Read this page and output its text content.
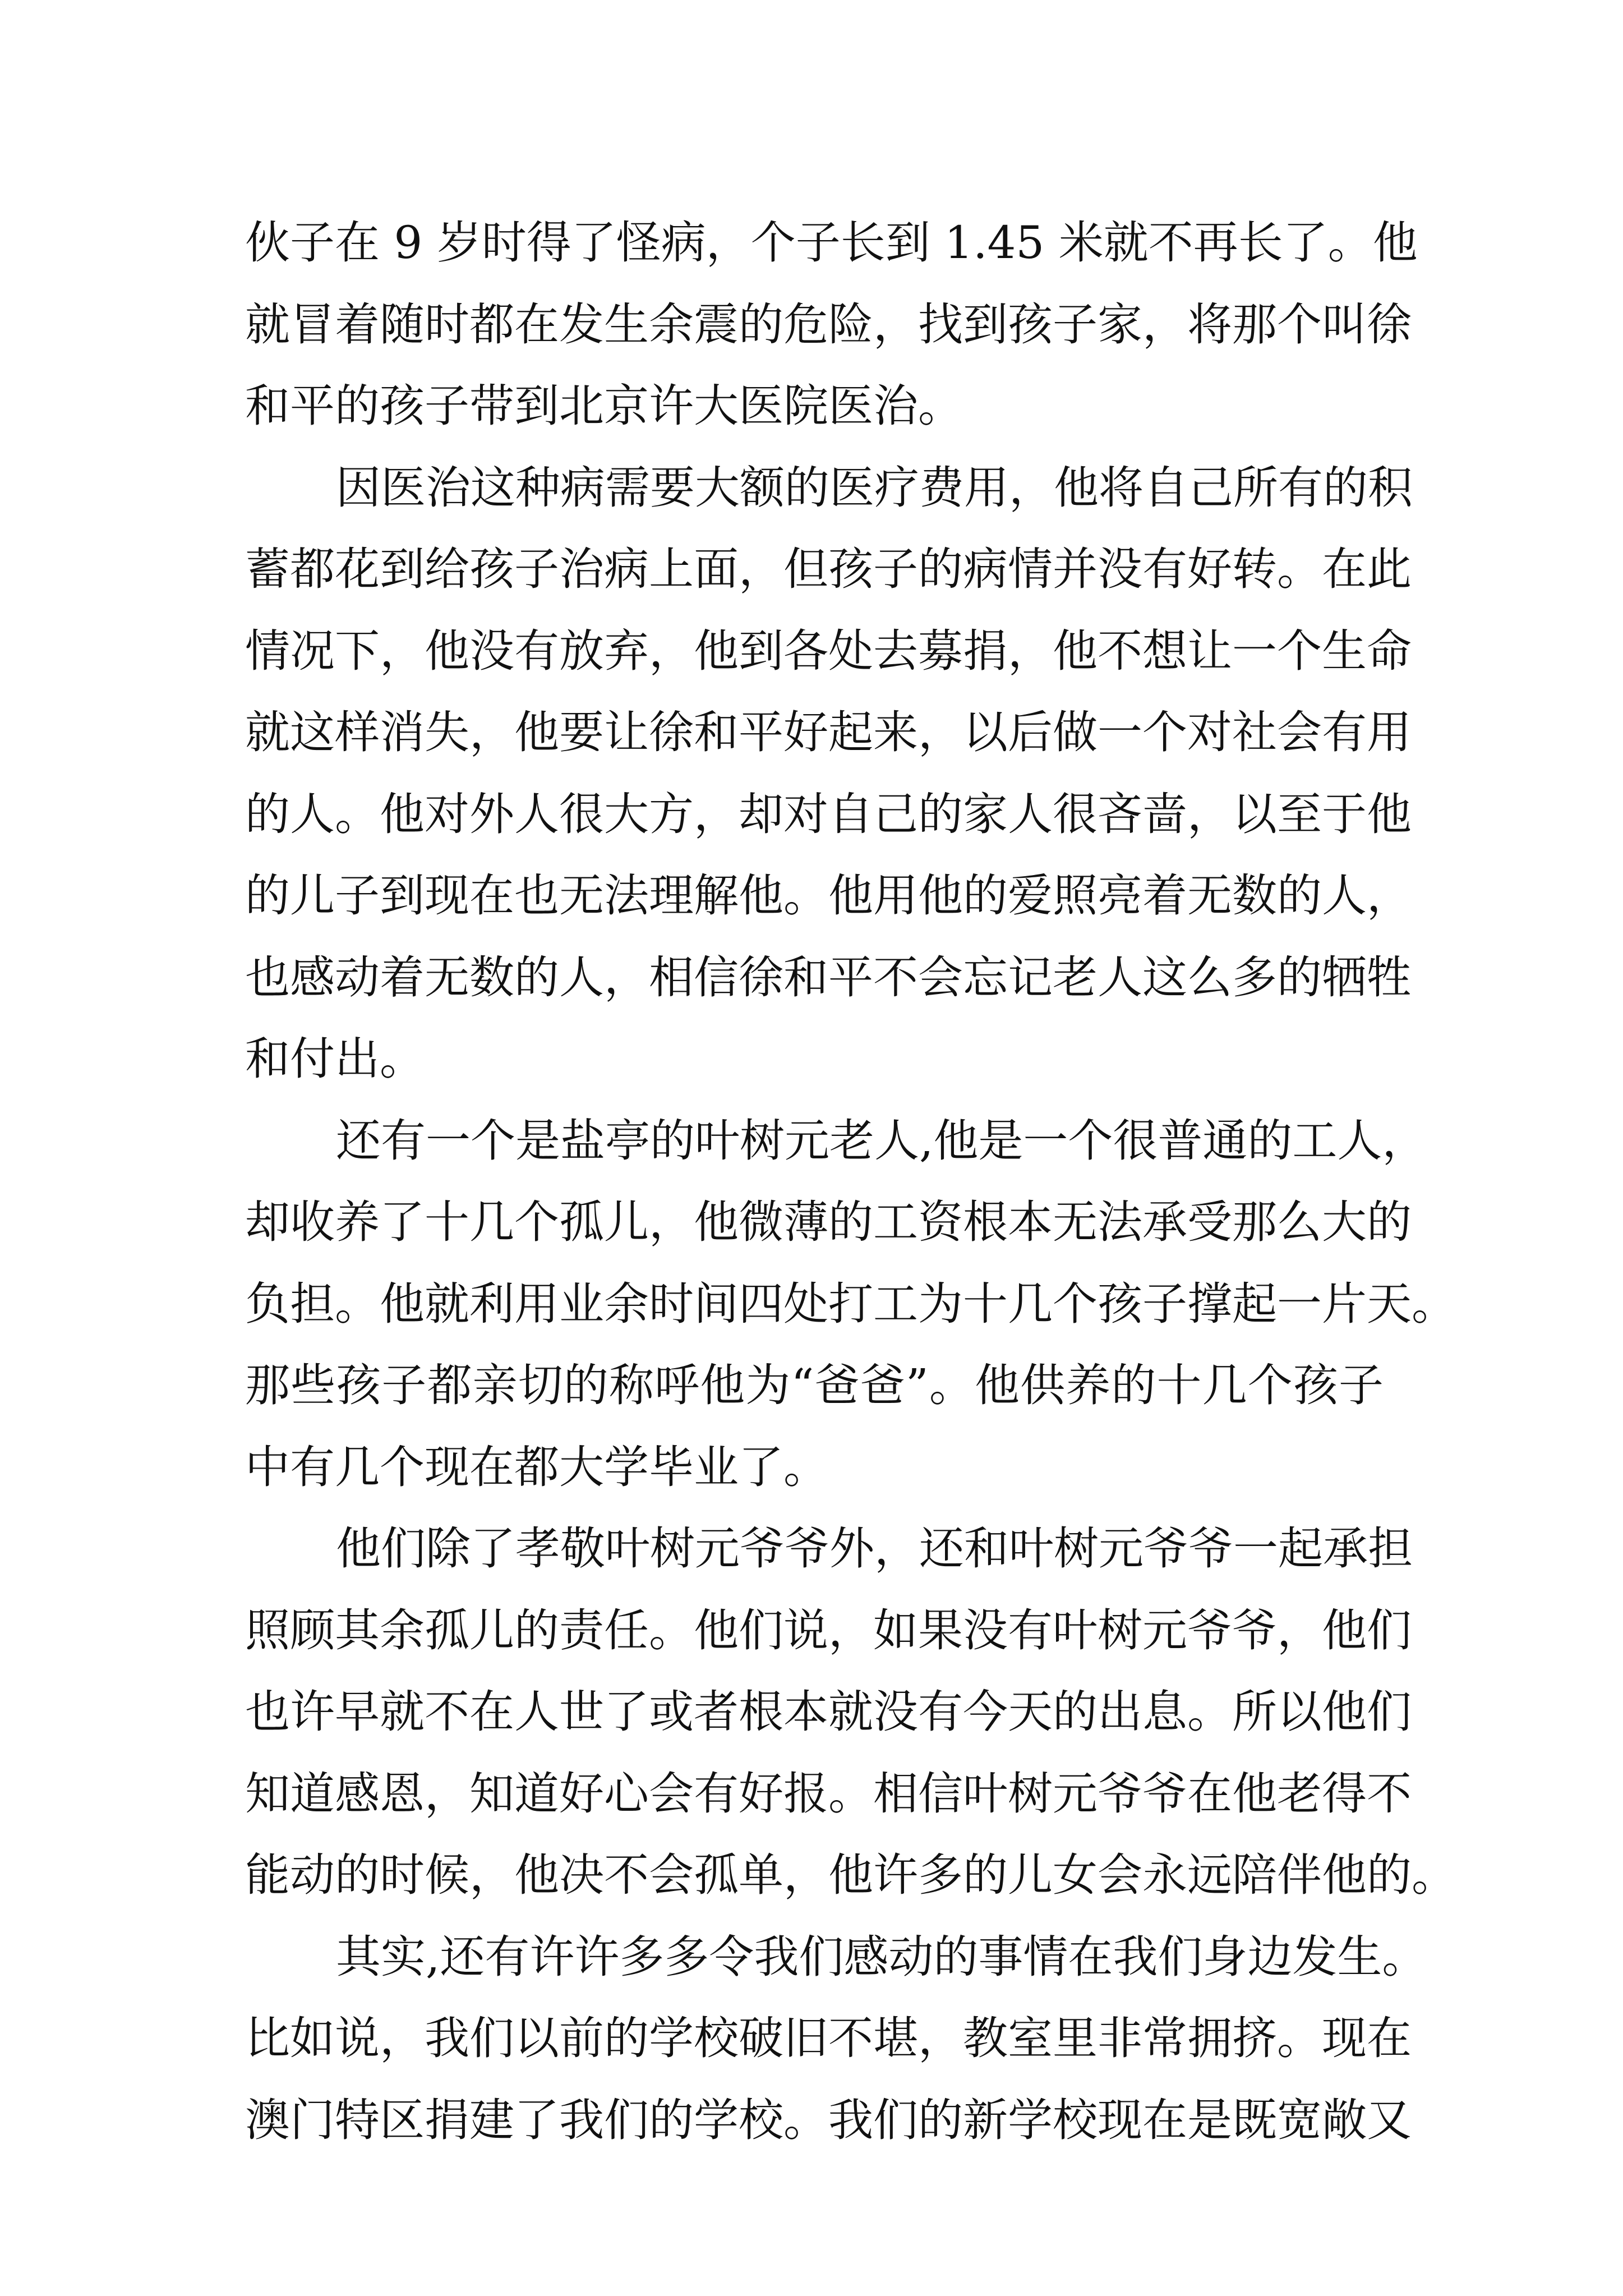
伙子在 9 岁时得了怪病，个子长到 1.45 米就不再长了。他
就冒着随时都在发生余震的危险，找到孩子家，将那个叫徐
和平的孩子带到北京许大医院医治。
因医治这种病需要大额的医疗费用，他将自己所有的积
蓄都花到给孩子治病上面，但孩子的病情并没有好转。在此
情况下，他没有放弃，他到各处去募捐，他不想让一个生命
就这样消失，他要让徐和平好起来，以后做一个对社会有用
的人。他对外人很大方，却对自己的家人很吝啬，以至于他
的儿子到现在也无法理解他。他用他的爱照亮着无数的人，
也感动着无数的人，相信徐和平不会忘记老人这么多的牺牲
和付出。
还有一个是盐亭的叶树元老人,他是一个很普通的工人，
却收养了十几个孤儿，他微薄的工资根本无法承受那么大的
负担。他就利用业余时间四处打工为十几个孩子撑起一片天。
那些孩子都亲切的称呼他为“爸爸”。他供养的十几个孩子
中有几个现在都大学毕业了。
他们除了孝敬叶树元爷爷外，还和叶树元爷爷一起承担
照顾其余孤儿的责任。他们说，如果没有叶树元爷爷，他们
也许早就不在人世了或者根本就没有今天的出息。所以他们
知道感恩，知道好心会有好报。相信叶树元爷爷在他老得不
能动的时候，他决不会孤单，他许多的儿女会永远陪伴他的。
其实,还有许许多多令我们感动的事情在我们身边发生。
比如说，我们以前的学校破旧不堪，教室里非常拥挤。现在
澳门特区捐建了我们的学校。我们的新学校现在是既宽敞又
